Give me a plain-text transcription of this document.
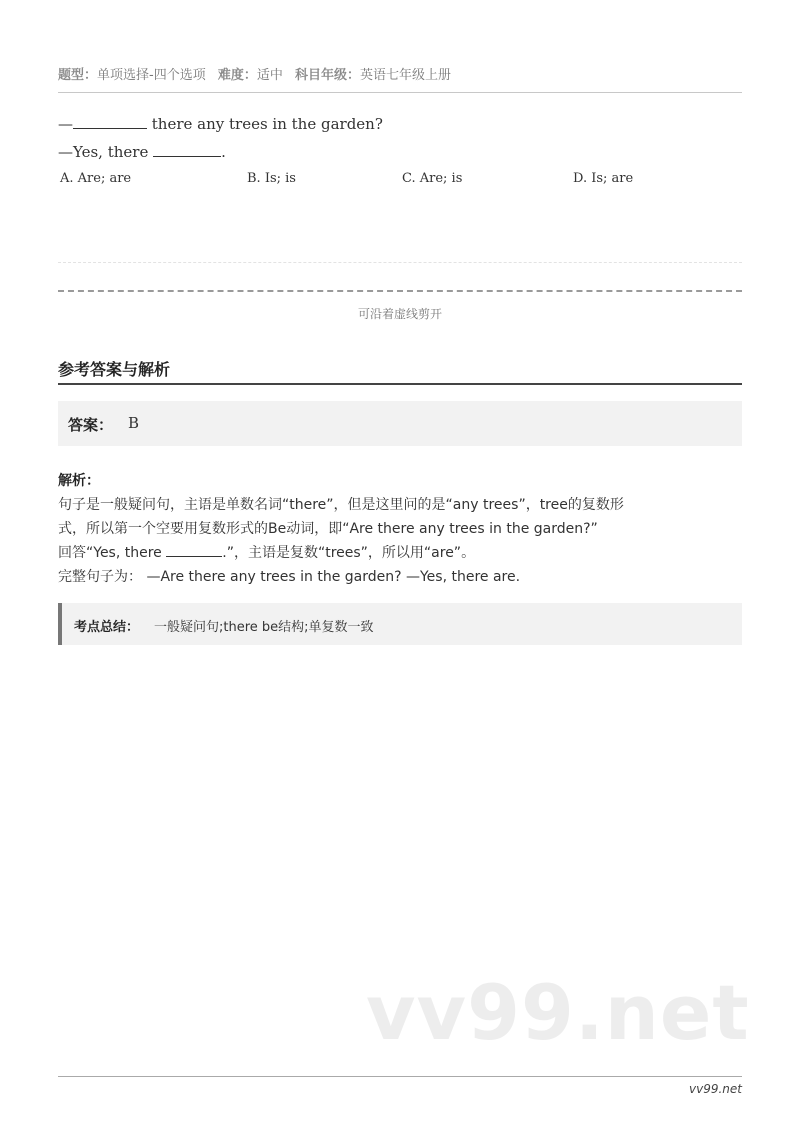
题型：单项选择-四个选项 难度：适中 科目年级：英语七年级上册
—	there any trees in the garden?
—Yes, there	.
A. Are; are	B. Is; is	C. Are; is	D. Is; are
可沿着虚线剪开
参考答案与解析
答案： B
解析：
句子是一般疑问句，主语是单数名词“there”，但是这里问的是“any trees”，tree的复数形
式，所以第一个空要用复数形式的Be动词，即“Are there any trees in the garden?”
回答“Yes, there	.”，主语是复数“trees”，所以用“are”。
完整句子为： —Are there any trees in the garden? —Yes, there are.
考点总结： 一般疑问句;there be结构;单复数一致
vv99.net
vv99.net
